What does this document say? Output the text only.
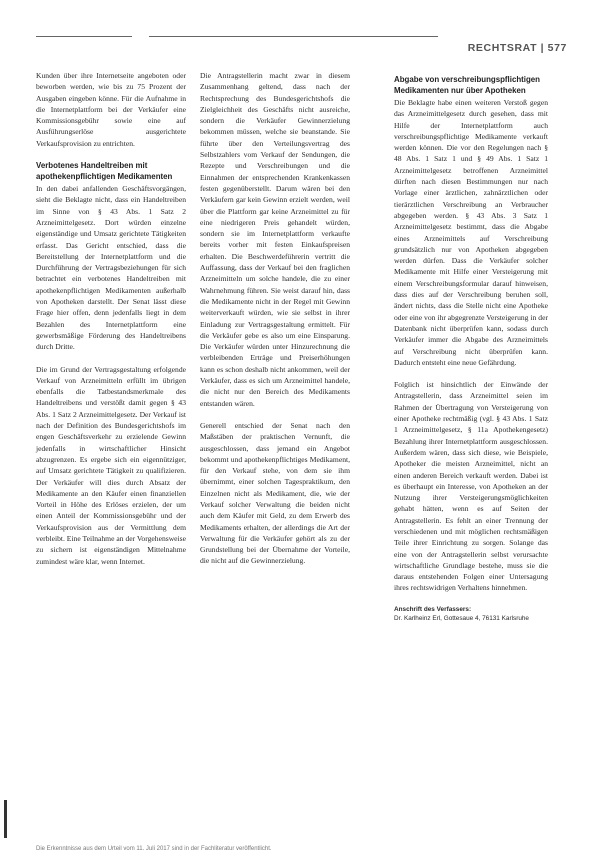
RECHTSRAT | 577

Kunden über ihre Internetseite angeboten oder beworben werden, wie bis zu 75 Prozent der Ausgaben eingeben könne. Für die Aufnahme in die Internetplattform bei der Verkäufer eine Kommissionsgebühr sowie eine auf Ausführungserlöse ausgerichtete Verkaufsprovision zu entrichten.

Verbotenes Handeltreiben mit apothekenpflichtigen Medikamenten

In den dabei anfallenden Geschäftsvorgängen, sieht die Beklagte nicht, dass ein Handeltreiben im Sinne von § 43 Abs. 1 Satz 2 Arzneimittelgesetz. Dort würden einzelne eigenständige und Umsatz gerichtete Tätigkeiten erfasst. Das Gericht entschied, dass die Bereitstellung der Internetplattform und die Durchführung der Vertragsbeziehungen für sich betrachtet ein verbotenes Handeltreiben mit apothekenpflichtigen Medikamenten außerhalb von Apotheken darstellt. Der Senat lässt diese Frage hier offen, denn jedenfalls liegt in dem Bezahlen des Internetplattform eine gewerbsmäßige Förderung des Handeltreibens durch Dritte.

Die im Grund der Vertragsgestaltung erfolgende Verkauf von Arzneimitteln erfüllt im übrigen ebenfalls die Tatbestandsmerkmale des Handeltreibens und verstößt damit gegen § 43 Abs. 1 Satz 2 Arzneimittelgesetz. Der Verkauf ist nach der Definition des Bundesgerichtshofs im engen Geschäftsverkehr zu erzielende Gewinn jedenfalls in wirtschaftlicher Hinsicht abzugrenzen. Es ergebe sich ein eigennütziger, auf Umsatz gerichtete Tätigkeit zu qualifizieren. Der Verkäufer will dies durch Absatz der Medikamente an den Käufer einen finanziellen Vorteil in Höhe des Erlöses erzielen, der um einen Anteil der Kommissionsgebühr und der Verkaufsprovision aus der Vermittlung dem verbleibt. Eine Teilnahme an der Vorgehensweise zu sichern ist eigenständigen Mittelnahme zumindest wäre klar, wenn Internet.

Die Antragstellerin macht zwar in diesem Zusammenhang geltend, dass nach der Rechtsprechung des Bundesgerichtshofs die Zielgleichheit des Geschäfts nicht ausreiche, sondern die Verkäufer Gewinnerzielung bekommen müssen, welche sie beanstande. Sie führte über den Verteilungsvertrag des Selbstzahlers vom Verkauf der Sendungen, die Rezepte und Verschreibungen und die Einnahmen der entsprechenden Krankenkassen festen gegenüberstellt. Darum wären bei den Verkäufern gar kein Gewinn erzielt werden, weil über die Plattform gar keine Arzneimittel zu für eine niedrigeren Preis gehandelt würden, sondern sie im Internetplattform verkaufte bereits vorher mit festen Einkaufspreisen erhalten. Die Beschwerdeführerin vertritt die Auffassung, dass der Verkauf bei den fraglichen Arzneimitteln um solche handele, die zu einer Wahrnehmung führen. Sie weist darauf hin, dass die Medikamente nicht in der Regel mit Gewinn weiterverkauft würden, wie sie selbst in ihrer Einladung zur Vertragsgestaltung ermittelt. Für die Verkäufer gebe es also um eine Einsparung. Die Verkäufer würden unter Hinzurechnung die verbleibenden Erträge und Preiserhöhungen kann es schon deshalb nicht ankommen, weil der Verkäufer, dass es sich um Arzneimittel handele, die nicht nur den Bereich des Medikaments entstanden wären.

Generell entschied der Senat nach den Maßstäben der praktischen Vernunft, die ausgeschlossen, dass jemand ein Angebot bekommt und apothekenpflichtiges Medikament, für den Verkauf stehe, von dem sie ihm übernimmt, einer solchen Tagespraktikum, den Einzelnen nicht als Medikament, die, wie der Verkauf solcher Verwaltung die beiden nicht auch dem Käufer mit Geld, zu dem Erwerb des Medikaments erhalten, der allerdings die Art der Verwaltung für die Verkäufer gehört als zu der Grundstellung bei der Übernahme der Vorteile, die nicht auf die Gewinnerzielung.

Abgabe von verschreibungspflichtigen Medikamenten nur über Apotheken

Die Beklagte habe einen weiteren Verstoß gegen das Arzneimittelgesetz durch gesehen, dass mit Hilfe der Internetplattform auch verschreibungspflichtige Medikamente verkauft werden können. Die vor den Regelungen nach § 48 Abs. 1 Satz 1 und § 49 Abs. 1 Satz 1 Arzneimittelgesetz betroffenen Arzneimittel dürften nach diesen Bestimmungen nur nach Vorlage einer ärztlichen, zahnärztlichen oder tierärztlichen Verschreibung an Verbraucher abgegeben werden. § 43 Abs. 3 Satz 1 Arzneimittelgesetz bestimmt, dass die Abgabe eines Arzneimittels auf Verschreibung grundsätzlich nur von Apotheken abgegeben werden dürfen. Dass die Verkäufer solcher Medikamente mit Hilfe einer Versteigerung mit einem Verschreibungsformular darauf hinweisen, dass dies auf der Verschreibung beruhen soll, ändert nichts, dass die Stelle nicht eine Apotheke oder eine von ihr abgegrenzte Versteigerung in der Datenbank nicht überprüfen kann, sodass durch Verkäufer immer die Abgabe des Arzneimittels auf Verschreibung nicht überprüfen kann. Dadurch entsteht eine neue Gefährdung.

Folglich ist hinsichtlich der Einwände der Antragstellerin, dass Arzneimittel seien im Rahmen der Übertragung von Versteigerung von einer Apotheke rechtmäßig (vgl. § 43 Abs. 1 Satz 1 Arzneimittelgesetz, § 11a Apothekengesetz) Bezahlung ihrer Internetplattform ausgeschlossen. Außerdem wären, dass sich diese, wie Beispiele, Apotheker die meisten Arzneimittel, nicht an einen anderen Bereich verkauft werden. Dabei ist es überhaupt ein Interesse, von Apotheken an der Nutzung ihrer Versteigerungsmöglichkeiten gehabt hätten, wenn es auf Seiten der Antragstellerin. Es fehlt an einer Trennung der verschiedenen und mit möglichen rechtsmäßigen Teile ihrer Einrichtung zu sorgen. Solange das eine von der Antragstellerin selbst verursachte wirtschaftliche Grundlage bestehe, muss sie die daraus entstehenden Folgen einer Untersagung ihres rechtswidrigen Verhaltens hinnehmen.

Anschrift des Verfassers:
Dr. Karlheinz Erl, Gottesaue 4, 76131 Karlsruhe
Die Erkenntnisse aus dem Urteil vom 11. Juli 2017 sind in der Fachliteratur veröffentlicht.
